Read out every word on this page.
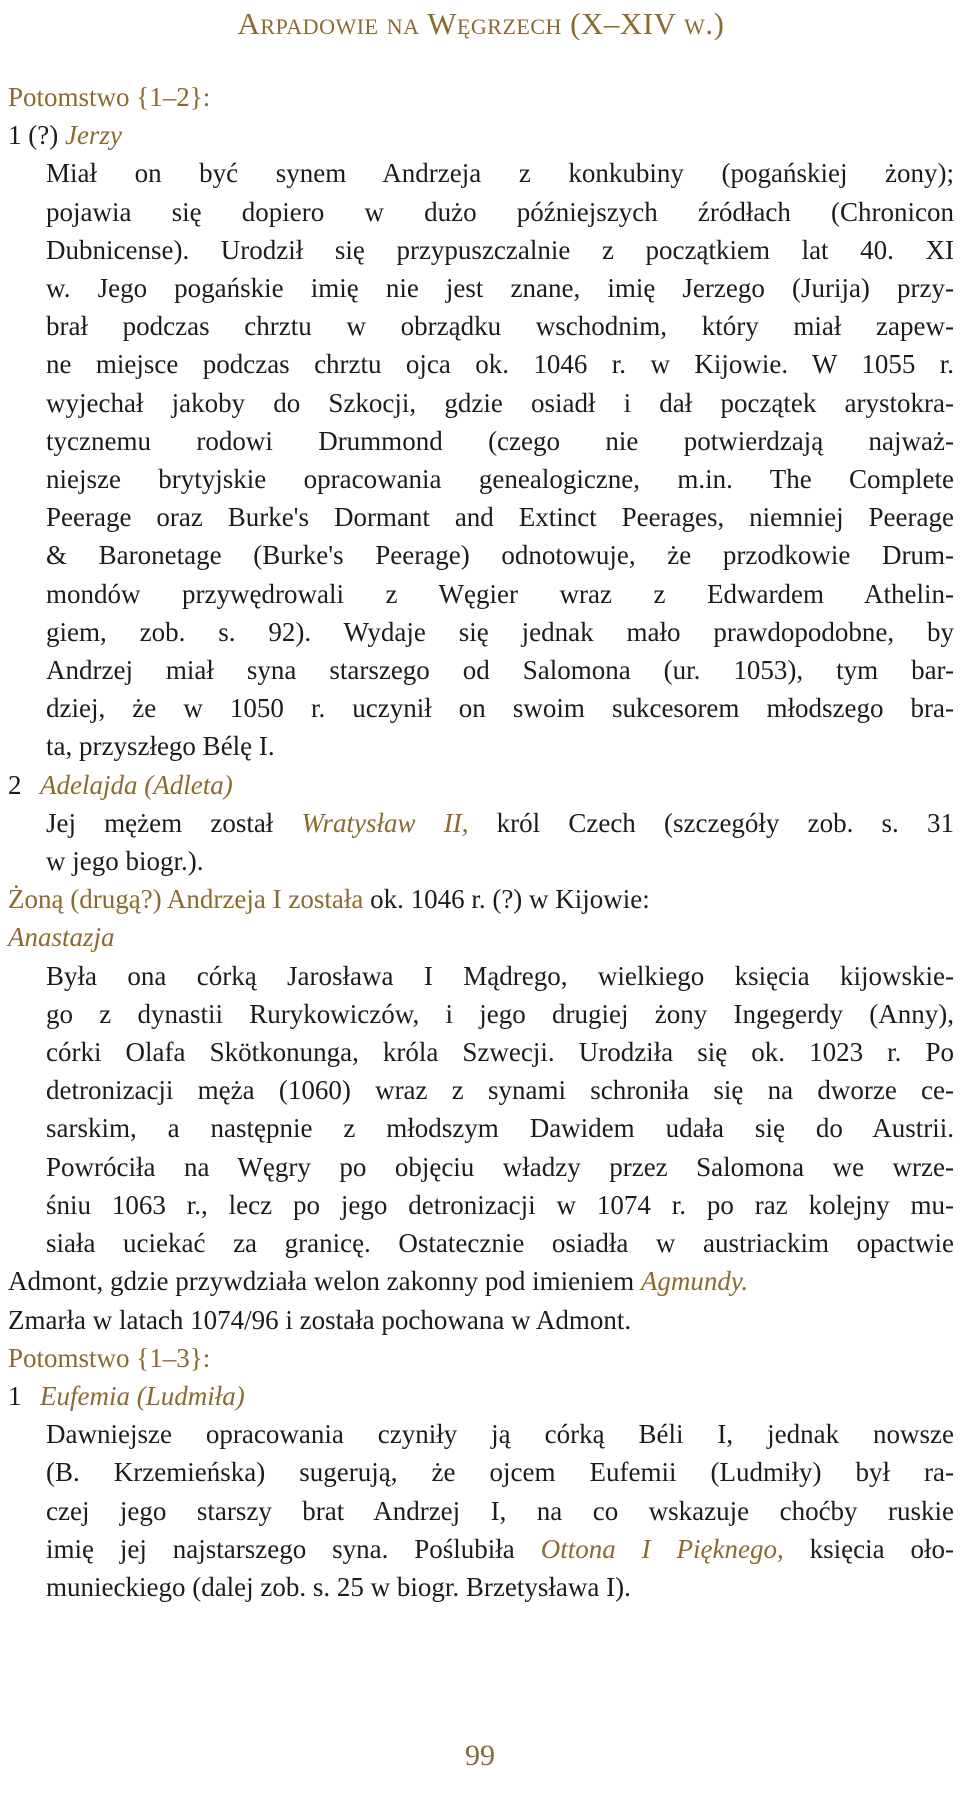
Arpadowie na Węgrzech (X–XIV w.)
Potomstwo {1–2}:
1 (?) Jerzy
Miał on być synem Andrzeja z konkubiny (pogańskiej żony);
pojawia się dopiero w dużo późniejszych źródłach (Chronicon
Dubnicense). Urodził się przypuszczalnie z początkiem lat 40. XI
w. Jego pogańskie imię nie jest znane, imię Jerzego (Jurija) przy-
brał podczas chrztu w obrządku wschodnim, który miał zapew-
ne miejsce podczas chrztu ojca ok. 1046 r. w Kijowie. W 1055 r.
wyjechał jakoby do Szkocji, gdzie osiadł i dał początek arystokra-
tycznemu rodowi Drummond (czego nie potwierdzają najważ-
niejsze brytyjskie opracowania genealogiczne, m.in. The Complete
Peerage oraz Burke's Dormant and Extinct Peerages, niemniej Peerage
& Baronetage (Burke's Peerage) odnotowuje, że przodkowie Drum-
mondów przywędrowali z Węgier wraz z Edwardem Athelin-
giem, zob. s. 92). Wydaje się jednak mało prawdopodobne, by
Andrzej miał syna starszego od Salomona (ur. 1053), tym bar-
dziej, że w 1050 r. uczynił on swoim sukcesorem młodszego bra-
ta, przyszłego Bélę I.
2 Adelajda (Adleta)
Jej mężem został Wratysław II, król Czech (szczegóły zob. s. 31
w jego biogr.).
Żoną (drugą?) Andrzeja I została ok. 1046 r. (?) w Kijowie:
Anastazja
Była ona córką Jarosława I Mądrego, wielkiego księcia kijowskie-
go z dynastii Rurykowiczów, i jego drugiej żony Ingegerdy (Anny),
córki Olafa Skötkonunga, króla Szwecji. Urodziła się ok. 1023 r. Po
detronizacji męża (1060) wraz z synami schroniła się na dworze ce-
sarskim, a następnie z młodszym Dawidem udała się do Austrii.
Powróciła na Węgry po objęciu władzy przez Salomona we wrze-
śniu 1063 r., lecz po jego detronizacji w 1074 r. po raz kolejny mu-
siała uciekać za granicę. Ostatecznie osiadła w austriackim opactwie
Admont, gdzie przywdziała welon zakonny pod imieniem Agmundy.
Zmarła w latach 1074/96 i została pochowana w Admont.
Potomstwo {1–3}:
1 Eufemia (Ludmiła)
Dawniejsze opracowania czyniły ją córką Béli I, jednak nowsze
(B. Krzemieńska) sugerują, że ojcem Eufemii (Ludmiły) był ra-
czej jego starszy brat Andrzej I, na co wskazuje choćby ruskie
imię jej najstarszego syna. Poślubiła Ottona I Pięknego, księcia oło-
munieckiego (dalej zob. s. 25 w biogr. Brzetysława I).
99
